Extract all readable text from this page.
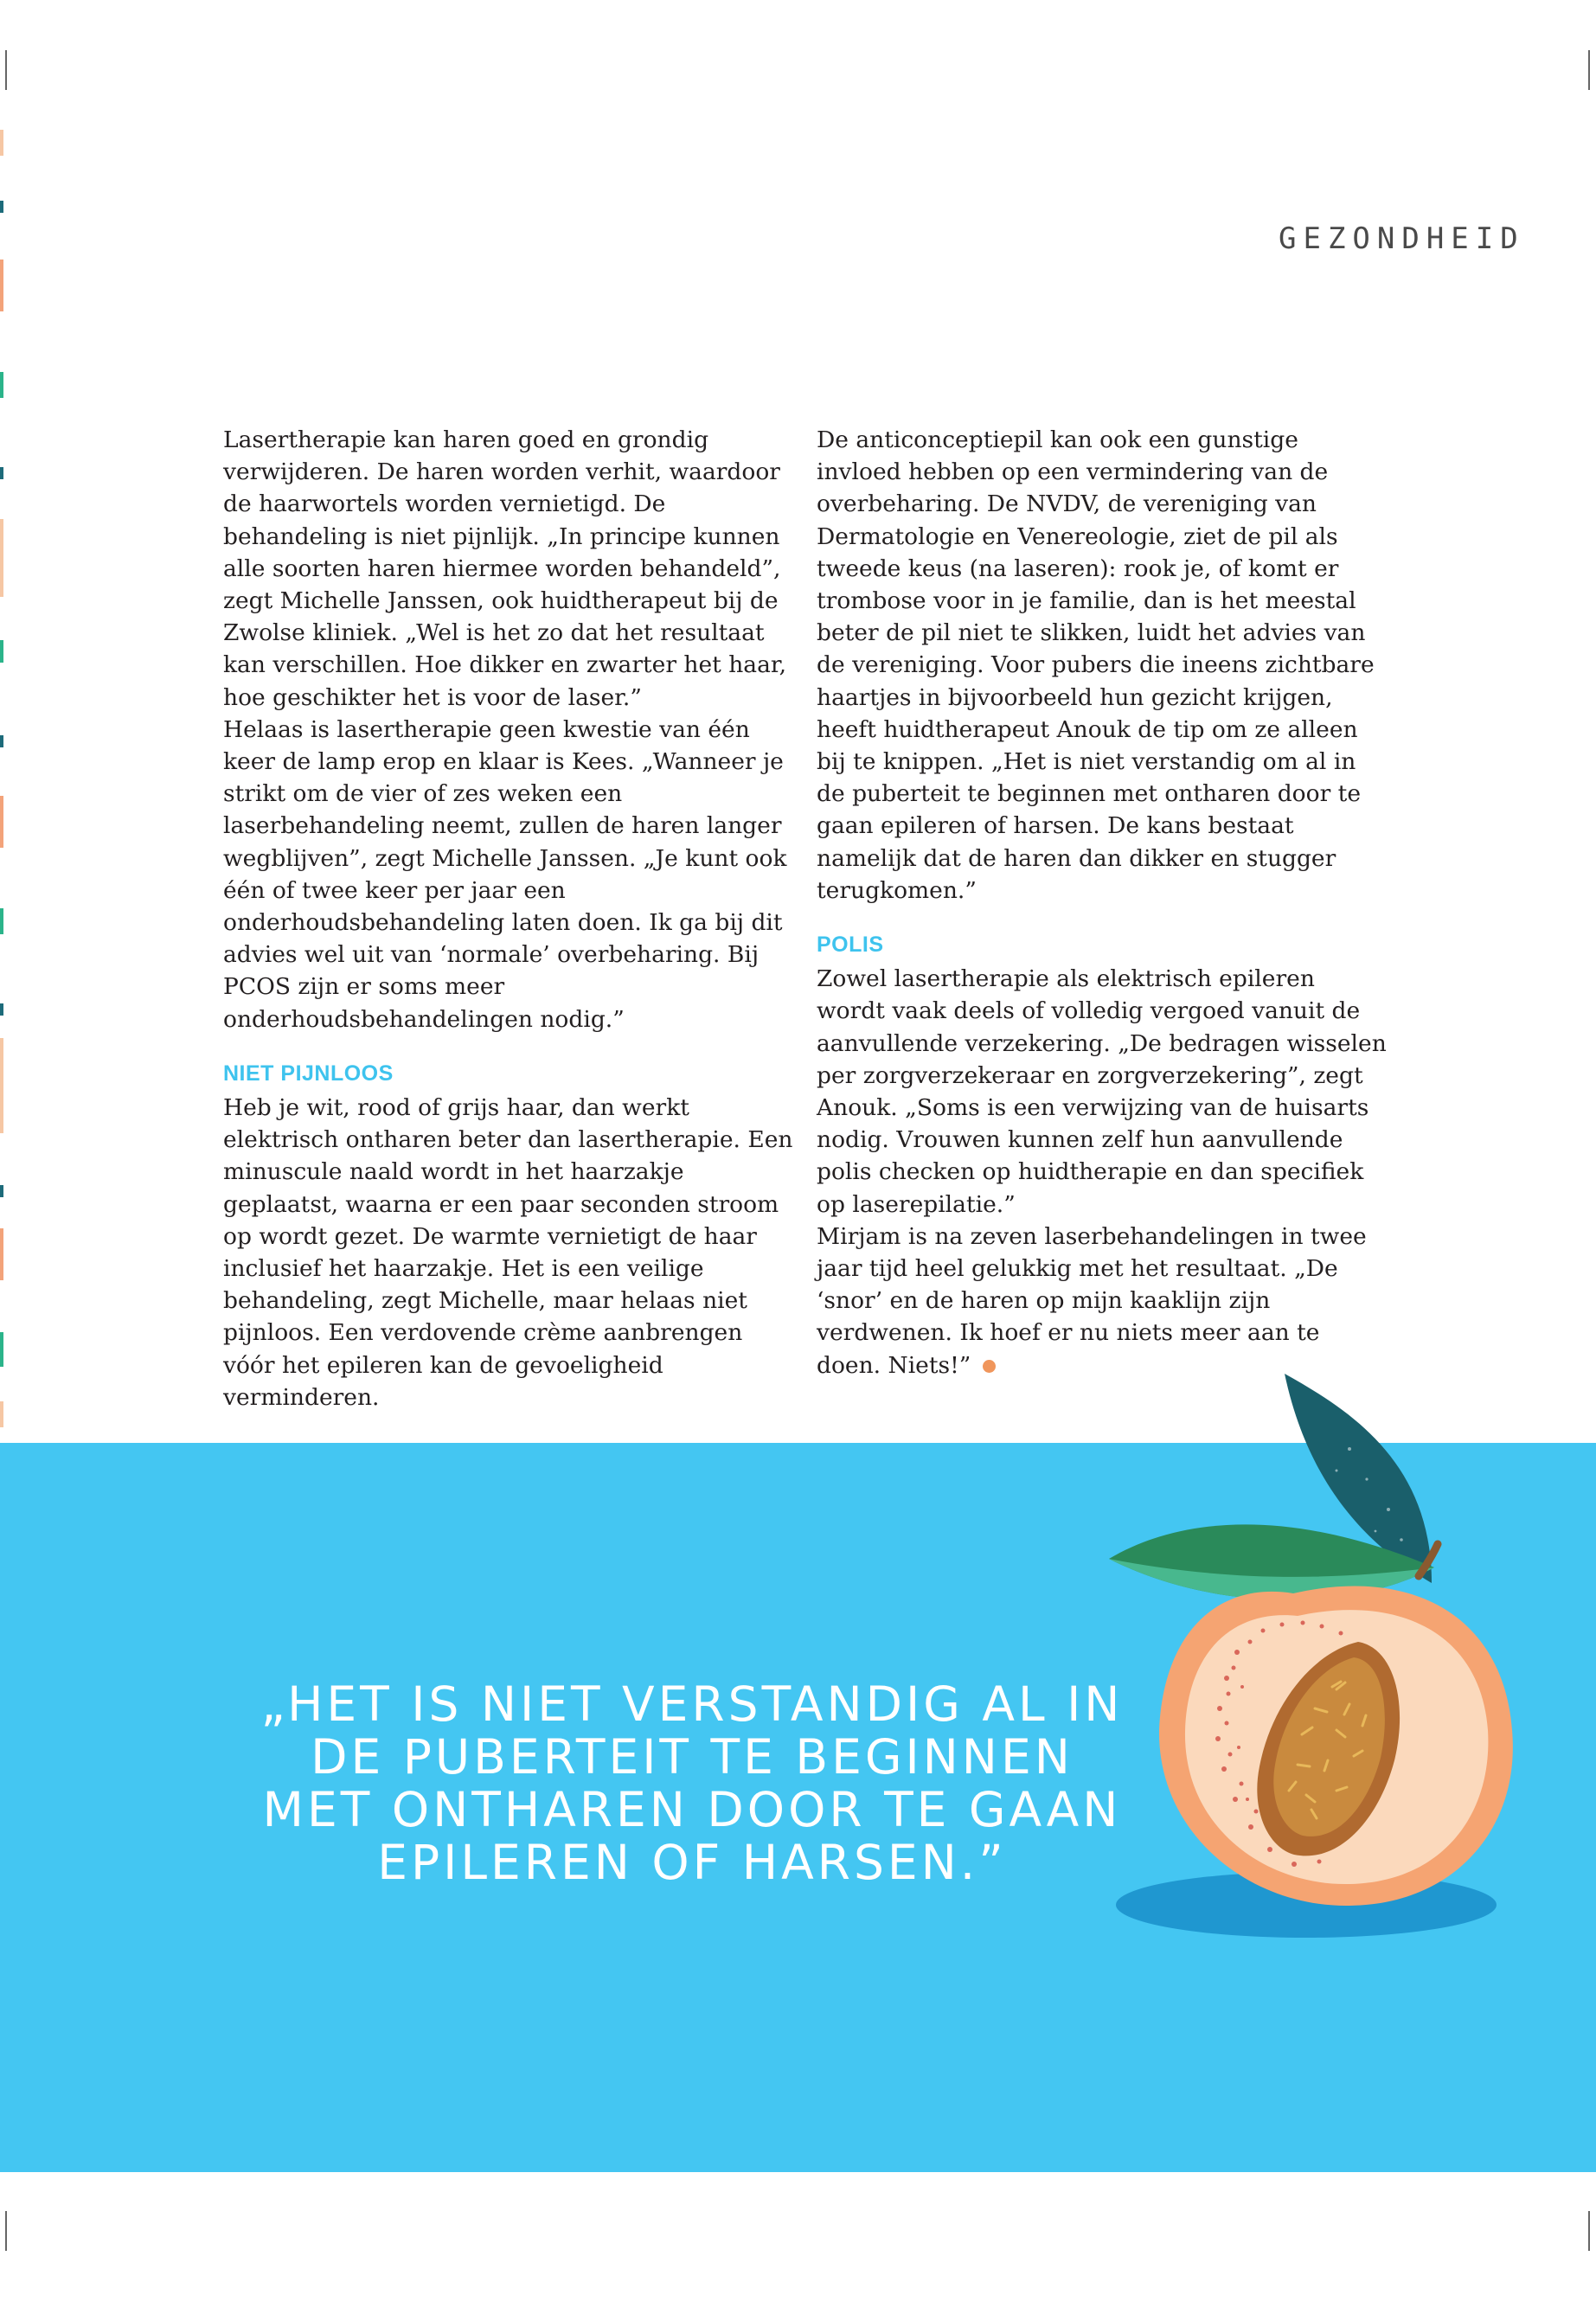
GEZONDHEID

Lasertherapie kan haren goed en grondig verwijderen. De haren worden verhit, waardoor de haarwortels worden vernietigd. De behandeling is niet pijnlijk. „In principe kunnen alle soorten haren hiermee worden behandeld”, zegt Michelle Janssen, ook huidtherapeut bij de Zwolse kliniek. „Wel is het zo dat het resultaat kan verschillen. Hoe dikker en zwarter het haar, hoe geschikter het is voor de laser.”

Helaas is lasertherapie geen kwestie van één keer de lamp erop en klaar is Kees. „Wanneer je strikt om de vier of zes weken een laserbehandeling neemt, zullen de haren langer wegblijven”, zegt Michelle Janssen. „Je kunt ook één of twee keer per jaar een onderhoudsbehandeling laten doen. Ik ga bij dit advies wel uit van ‘normale’ overbeharing. Bij PCOS zijn er soms meer onderhoudsbehandelingen nodig.”

NIET PIJNLOOS

Heb je wit, rood of grijs haar, dan werkt elektrisch ontharen beter dan lasertherapie. Een minuscule naald wordt in het haarzakje geplaatst, waarna er een paar seconden stroom op wordt gezet. De warmte vernietigt de haar inclusief het haarzakje. Het is een veilige behandeling, zegt Michelle, maar helaas niet pijnloos. Een verdovende crème aanbrengen vóór het epileren kan de gevoeligheid verminderen.

De anticonceptiepil kan ook een gunstige invloed hebben op een vermindering van de overbeharing. De NVDV, de vereniging van Dermatologie en Venereologie, ziet de pil als tweede keus (na laseren): rook je, of komt er trombose voor in je familie, dan is het meestal beter de pil niet te slikken, luidt het advies van de vereniging. Voor pubers die ineens zichtbare haartjes in bijvoorbeeld hun gezicht krijgen, heeft huidtherapeut Anouk de tip om ze alleen bij te knippen. „Het is niet verstandig om al in de puberteit te beginnen met ontharen door te gaan epileren of harsen. De kans bestaat namelijk dat de haren dan dikker en stugger terugkomen.”

POLIS

Zowel lasertherapie als elektrisch epileren wordt vaak deels of volledig vergoed vanuit de aanvullende verzekering. „De bedragen wisselen per zorgverzekeraar en zorgverzekering”, zegt Anouk. „Soms is een verwijzing van de huisarts nodig. Vrouwen kunnen zelf hun aanvullende polis checken op huidtherapie en dan specifiek op laserepilatie.”

Mirjam is na zeven laserbehandelingen in twee jaar tijd heel gelukkig met het resultaat. „De ‘snor’ en de haren op mijn kaaklijn zijn verdwenen. Ik hoef er nu niets meer aan te doen. Niets!”

„HET IS NIET VERSTANDIG AL IN
DE PUBERTEIT TE BEGINNEN
MET ONTHAREN DOOR TE GAAN
EPILEREN OF HARSEN.”
